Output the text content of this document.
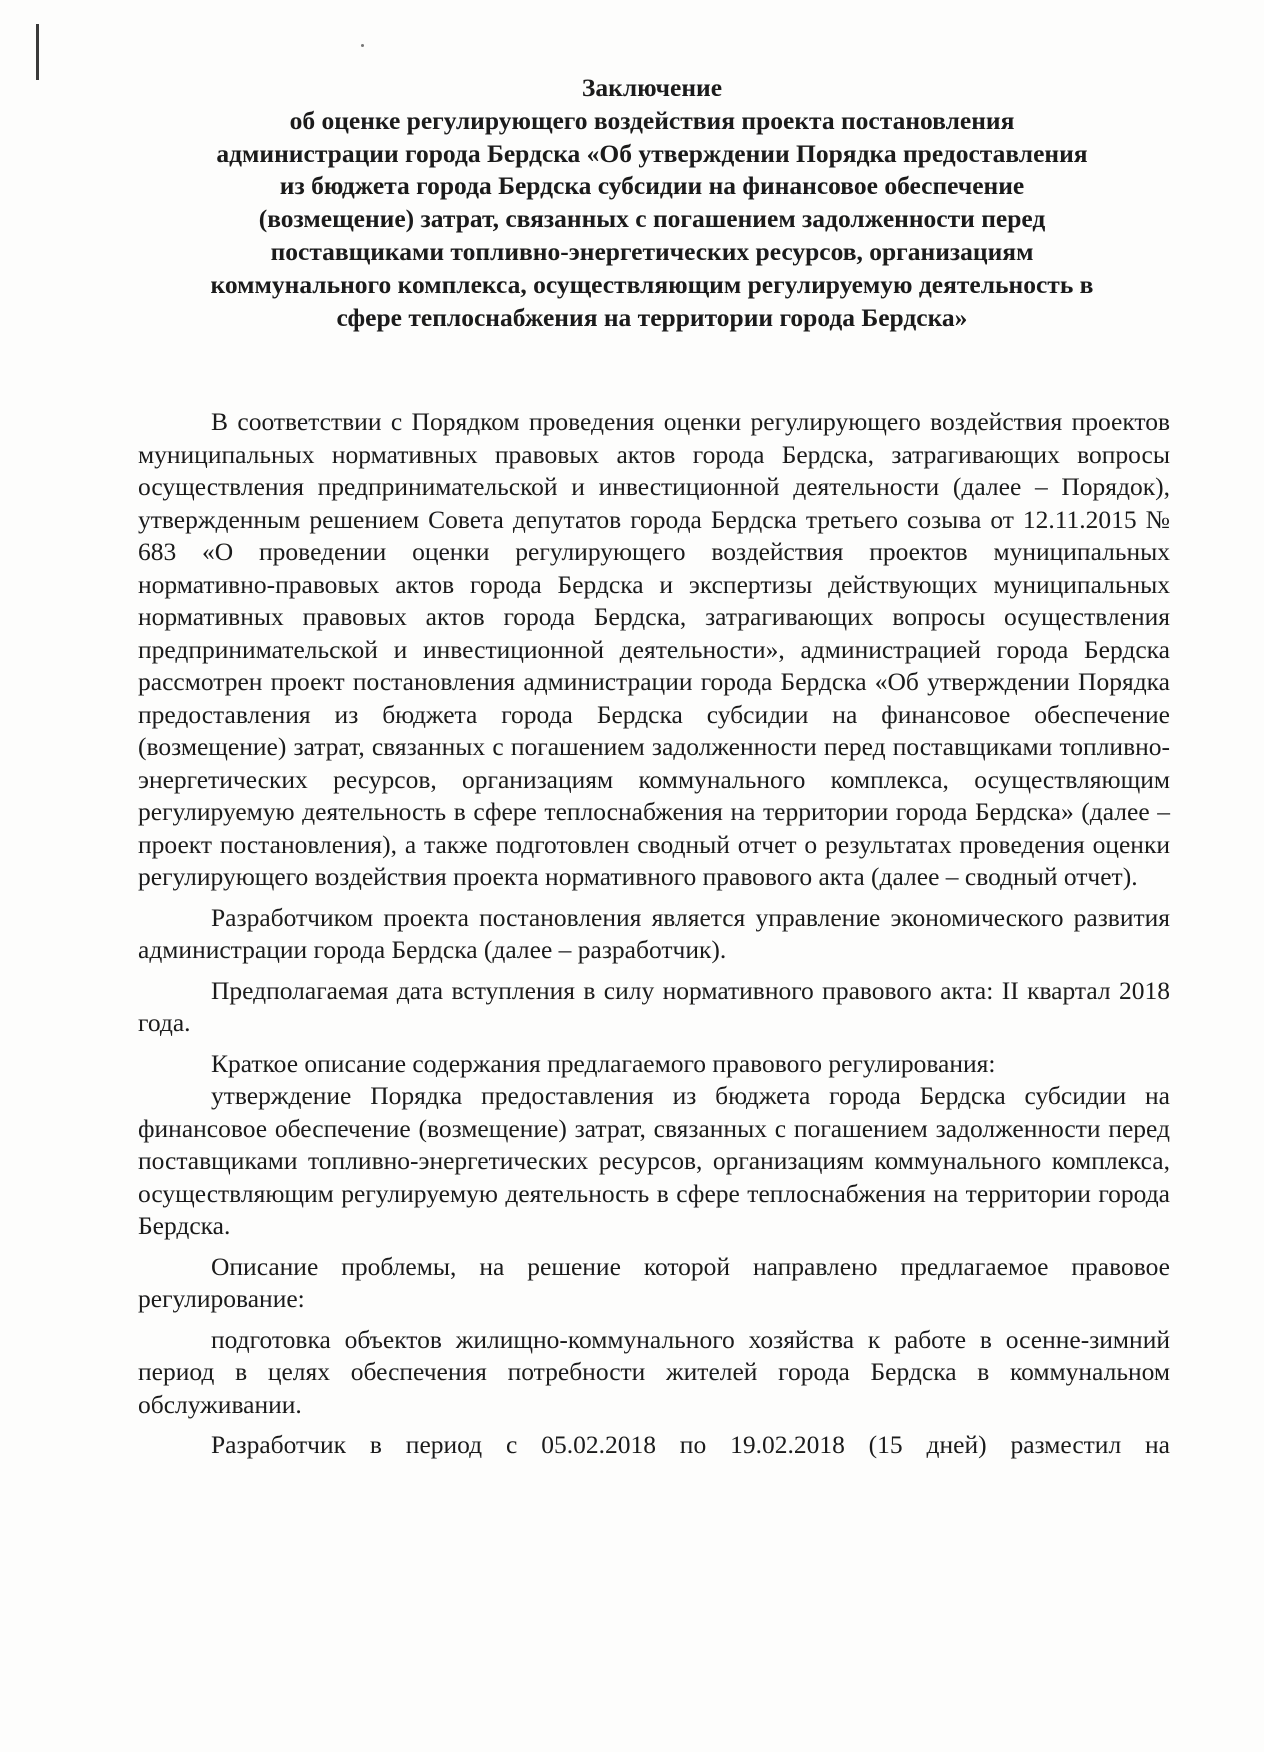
Заключение
об оценке регулирующего воздействия проекта постановления
администрации города Бердска «Об утверждении Порядка предоставления
из бюджета города Бердска субсидии на финансовое обеспечение
(возмещение) затрат, связанных с погашением задолженности перед
поставщиками топливно-энергетических ресурсов, организациям
коммунального комплекса, осуществляющим регулируемую деятельность в
сфере теплоснабжения на территории города Бердска»

В соответствии с Порядком проведения оценки регулирующего воздействия проектов муниципальных нормативных правовых актов города Бердска, затрагивающих вопросы осуществления предпринимательской и инвестиционной деятельности (далее – Порядок), утвержденным решением Совета депутатов города Бердска третьего созыва от 12.11.2015 № 683 «О проведении оценки регулирующего воздействия проектов муниципальных нормативно-правовых актов города Бердска и экспертизы действующих муниципальных нормативных правовых актов города Бердска, затрагивающих вопросы осуществления предпринимательской и инвестиционной деятельности», администрацией города Бердска рассмотрен проект постановления администрации города Бердска «Об утверждении Порядка предоставления из бюджета города Бердска субсидии на финансовое обеспечение (возмещение) затрат, связанных с погашением задолженности перед поставщиками топливно-энергетических ресурсов, организациям коммунального комплекса, осуществляющим регулируемую деятельность в сфере теплоснабжения на территории города Бердска» (далее – проект постановления), а также подготовлен сводный отчет о результатах проведения оценки регулирующего воздействия проекта нормативного правового акта (далее – сводный отчет).

Разработчиком проекта постановления является управление экономического развития администрации города Бердска (далее – разработчик).

Предполагаемая дата вступления в силу нормативного правового акта: II квартал 2018 года.

Краткое описание содержания предлагаемого правового регулирования:

утверждение Порядка предоставления из бюджета города Бердска субсидии на финансовое обеспечение (возмещение) затрат, связанных с погашением задолженности перед поставщиками топливно-энергетических ресурсов, организациям коммунального комплекса, осуществляющим регулируемую деятельность в сфере теплоснабжения на территории города Бердска.

Описание проблемы, на решение которой направлено предлагаемое правовое регулирование:

подготовка объектов жилищно-коммунального хозяйства к работе в осенне-зимний период в целях обеспечения потребности жителей города Бердска в коммунальном обслуживании.

Разработчик в период с 05.02.2018 по 19.02.2018 (15 дней) разместил на
